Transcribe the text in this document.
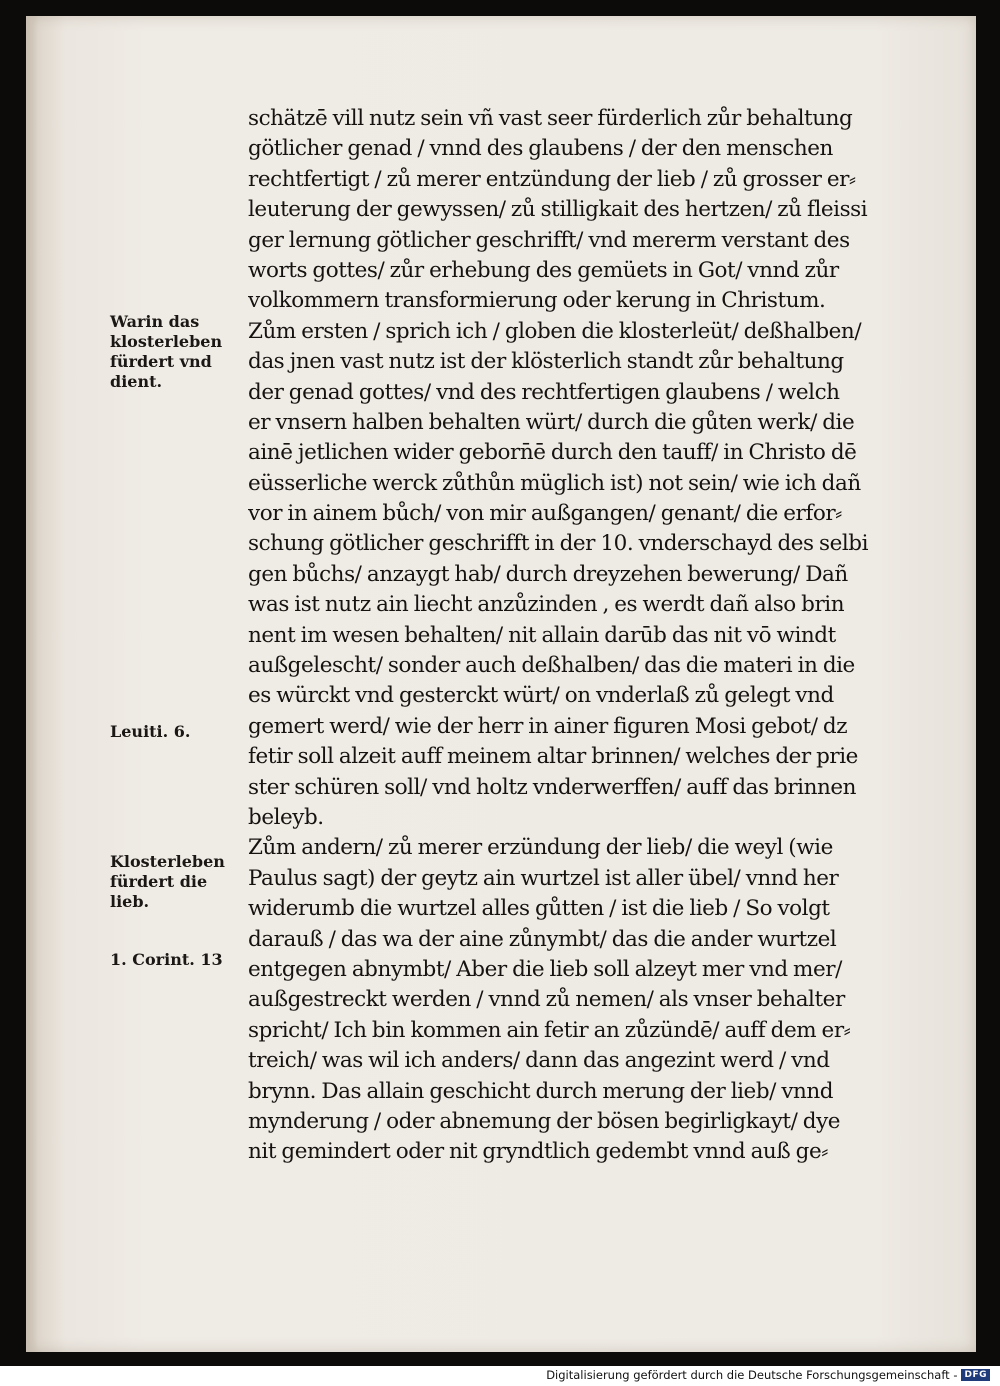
schätzē vill nutz sein vñ vast seer fürderlich zůr behaltung
götlicher genad / vnnd des glaubens / der den menschen
rechtfertigt / zů merer entzündung der lieb / zů grosser er⸗
leuterung der gewyssen/ zů stilligkait des hertzen/ zů fleissi
ger lernung götlicher geschrifft/ vnd mererm verstant des
worts gottes/ zůr erhebung des gemüets in Got/ vnnd zůr
volkommern transformierung oder kerung in Christum.
Zům ersten / sprich ich / globen die klosterleüt/ deßhalben/
das jnen vast nutz ist der klösterlich standt zůr behaltung
der genad gottes/ vnd des rechtfertigen glaubens / welch
er vnsern halben behalten würt/ durch die gůten werk/ die
ainē jetlichen wider geborn̄ē durch den tauff/ in Christo dē
eüsserliche werck zůthůn müglich ist) not sein/ wie ich dañ
vor in ainem bůch/ von mir außgangen/ genant/ die erfor⸗
schung götlicher geschrifft in der 10. vnderschayd des selbi
gen bůchs/ anzaygt hab/ durch dreyzehen bewerung/ Dañ
was ist nutz ain liecht anzůzinden , es werdt dañ also brin
nent im wesen behalten/ nit allain darūb das nit vō windt
außgelescht/ sonder auch deßhalben/ das die materi in die
es würckt vnd gesterckt würt/ on vnderlaß zů gelegt vnd
gemert werd/ wie der herr in ainer figuren Mosi gebot/ dz
fetir soll alzeit auff meinem altar brinnen/ welches der prie
ster schüren soll/ vnd holtz vnderwerffen/ auff das brinnen
beleyb.
Zům andern/ zů merer erzündung der lieb/ die weyl (wie
Paulus sagt) der geytz ain wurtzel ist aller übel/ vnnd her
widerumb die wurtzel alles gůtten / ist die lieb / So volgt
darauß / das wa der aine zůnymbt/ das die ander wurtzel
entgegen abnymbt/ Aber die lieb soll alzeyt mer vnd mer/
außgestreckt werden / vnnd zů nemen/ als vnser behalter
spricht/ Ich bin kommen ain fetir an zůzündē/ auff dem er⸗
treich/ was wil ich anders/ dann das angezint werd / vnd
brynn. Das allain geschicht durch merung der lieb/ vnnd
mynderung / oder abnemung der bösen begirligkayt/ dye
nit gemindert oder nit gryndtlich gedembt vnnd auß ge⸗
Warin das
klosterleben
fürdert vnd
dient.
Leuiti. 6.
Klosterleben
fürdert die
lieb.
1. Corint. 13
Digitalisierung gefördert durch die Deutsche Forschungsgemeinschaft - DFG
